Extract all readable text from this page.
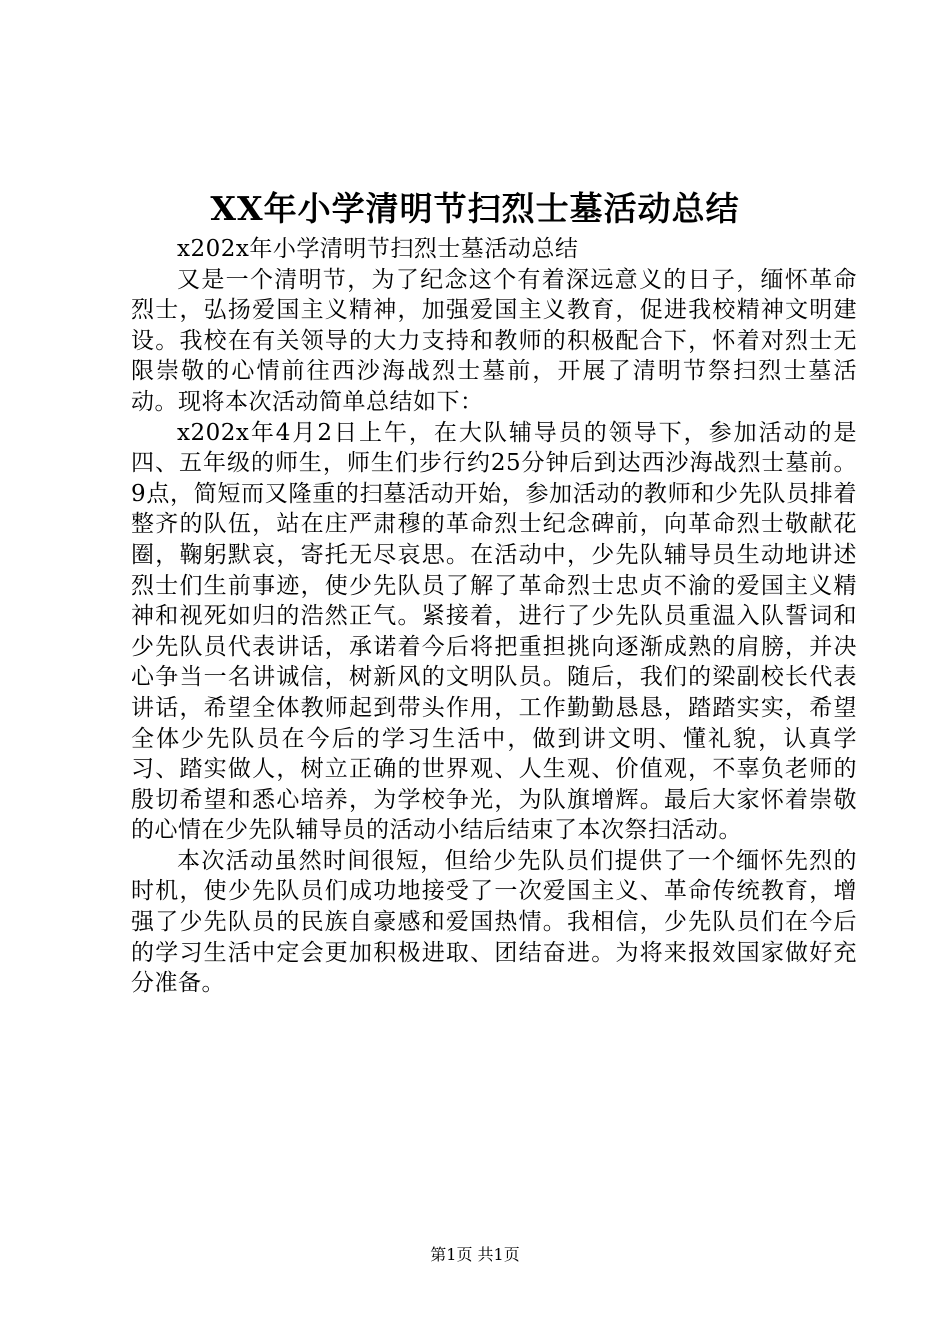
XX年小学清明节扫烈士墓活动总结

x202x年小学清明节扫烈士墓活动总结

又是一个清明节，为了纪念这个有着深远意义的日子，缅怀革命烈士，弘扬爱国主义精神，加强爱国主义教育，促进我校精神文明建设。我校在有关领导的大力支持和教师的积极配合下，怀着对烈士无限崇敬的心情前往西沙海战烈士墓前，开展了清明节祭扫烈士墓活动。现将本次活动简单总结如下：

x202x年4月2日上午，在大队辅导员的领导下，参加活动的是四、五年级的师生，师生们步行约25分钟后到达西沙海战烈士墓前。9点，简短而又隆重的扫墓活动开始，参加活动的教师和少先队员排着整齐的队伍，站在庄严肃穆的革命烈士纪念碑前，向革命烈士敬献花圈，鞠躬默哀，寄托无尽哀思。在活动中，少先队辅导员生动地讲述烈士们生前事迹，使少先队员了解了革命烈士忠贞不渝的爱国主义精神和视死如归的浩然正气。紧接着，进行了少先队员重温入队誓词和少先队员代表讲话，承诺着今后将把重担挑向逐渐成熟的肩膀，并决心争当一名讲诚信，树新风的文明队员。随后，我们的梁副校长代表讲话，希望全体教师起到带头作用，工作勤勤恳恳，踏踏实实，希望全体少先队员在今后的学习生活中，做到讲文明、懂礼貌，认真学习、踏实做人，树立正确的世界观、人生观、价值观，不辜负老师的殷切希望和悉心培养，为学校争光，为队旗增辉。最后大家怀着崇敬的心情在少先队辅导员的活动小结后结束了本次祭扫活动。

本次活动虽然时间很短，但给少先队员们提供了一个缅怀先烈的时机，使少先队员们成功地接受了一次爱国主义、革命传统教育，增强了少先队员的民族自豪感和爱国热情。我相信，少先队员们在今后的学习生活中定会更加积极进取、团结奋进。为将来报效国家做好充分准备。

第1页 共1页
